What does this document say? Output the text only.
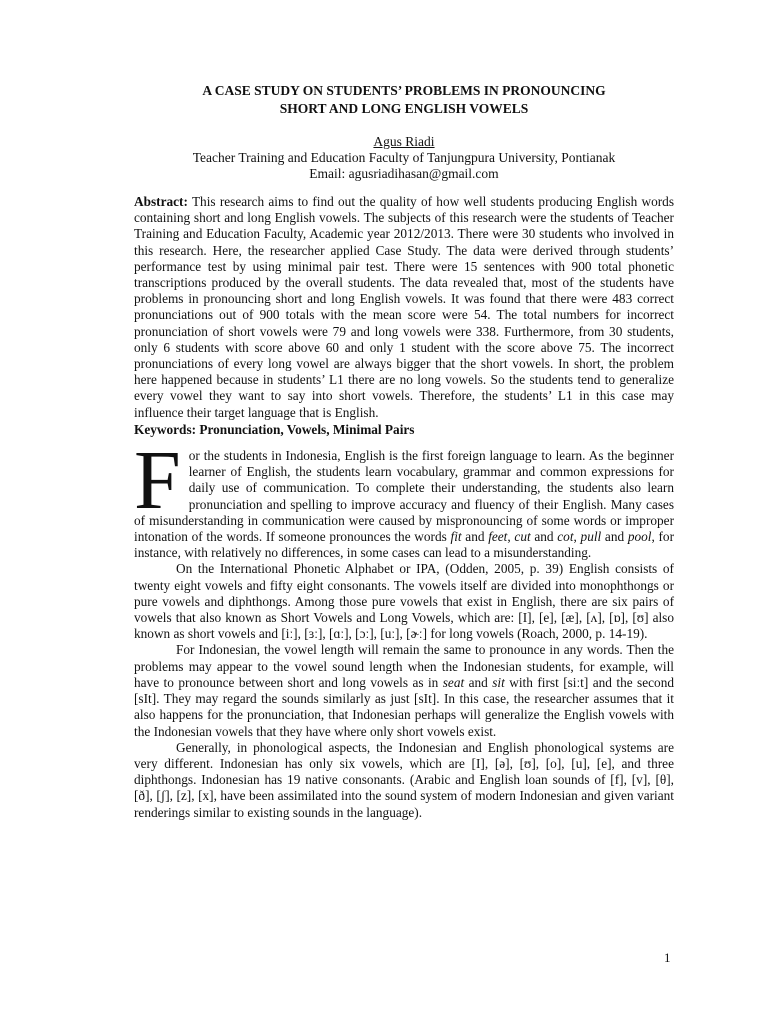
A CASE STUDY ON STUDENTS’ PROBLEMS IN PRONOUNCING
SHORT AND LONG ENGLISH VOWELS
Agus Riadi
Teacher Training and Education Faculty of Tanjungpura University, Pontianak
Email: agusriadihasan@gmail.com

Abstract: This research aims to find out the quality of how well students producing English words containing short and long English vowels. The subjects of this research were the students of Teacher Training and Education Faculty, Academic year 2012/2013. There were 30 students who involved in this research. Here, the researcher applied Case Study. The data were derived through students’ performance test by using minimal pair test. There were 15 sentences with 900 total phonetic transcriptions produced by the overall students. The data revealed that, most of the students have problems in pronouncing short and long English vowels. It was found that there were 483 correct pronunciations out of 900 totals with the mean score were 54. The total numbers for incorrect pronunciation of short vowels were 79 and long vowels were 338. Furthermore, from 30 students, only 6 students with score above 60 and only 1 student with the score above 75. The incorrect pronunciations of every long vowel are always bigger that the short vowels. In short, the problem here happened because in students’ L1 there are no long vowels. So the students tend to generalize every vowel they want to say into short vowels. Therefore, the students’ L1 in this case may influence their target language that is English.

Keywords: Pronunciation, Vowels, Minimal Pairs

For the students in Indonesia, English is the first foreign language to learn. As the beginner learner of English, the students learn vocabulary, grammar and common expressions for daily use of communication. To complete their understanding, the students also learn pronunciation and spelling to improve accuracy and fluency of their English. Many cases of misunderstanding in communication were caused by mispronouncing of some words or improper intonation of the words. If someone pronounces the words fit and feet, cut and cot, pull and pool, for instance, with relatively no differences, in some cases can lead to a misunderstanding.

On the International Phonetic Alphabet or IPA, (Odden, 2005, p. 39) English consists of twenty eight vowels and fifty eight consonants. The vowels itself are divided into monophthongs or pure vowels and diphthongs. Among those pure vowels that exist in English, there are six pairs of vowels that also known as Short Vowels and Long Vowels, which are: [I], [e], [æ], [ʌ], [ɒ], [ʊ] also known as short vowels and [iː], [ɜː], [ɑː], [ɔː], [uː], [ɚː] for long vowels (Roach, 2000, p. 14-19).

For Indonesian, the vowel length will remain the same to pronounce in any words. Then the problems may appear to the vowel sound length when the Indonesian students, for example, will have to pronounce between short and long vowels as in seat and sit with first [siːt] and the second [sIt]. They may regard the sounds similarly as just [sIt]. In this case, the researcher assumes that it also happens for the pronunciation, that Indonesian perhaps will generalize the English vowels with the Indonesian vowels that they have where only short vowels exist.

Generally, in phonological aspects, the Indonesian and English phonological systems are very different. Indonesian has only six vowels, which are [I], [ə], [ʊ], [o], [u], [e], and three diphthongs. Indonesian has 19 native consonants. (Arabic and English loan sounds of [f], [v], [θ], [ð], [ʃ], [z], [x], have been assimilated into the sound system of modern Indonesian and given variant renderings similar to existing sounds in the language).

1
